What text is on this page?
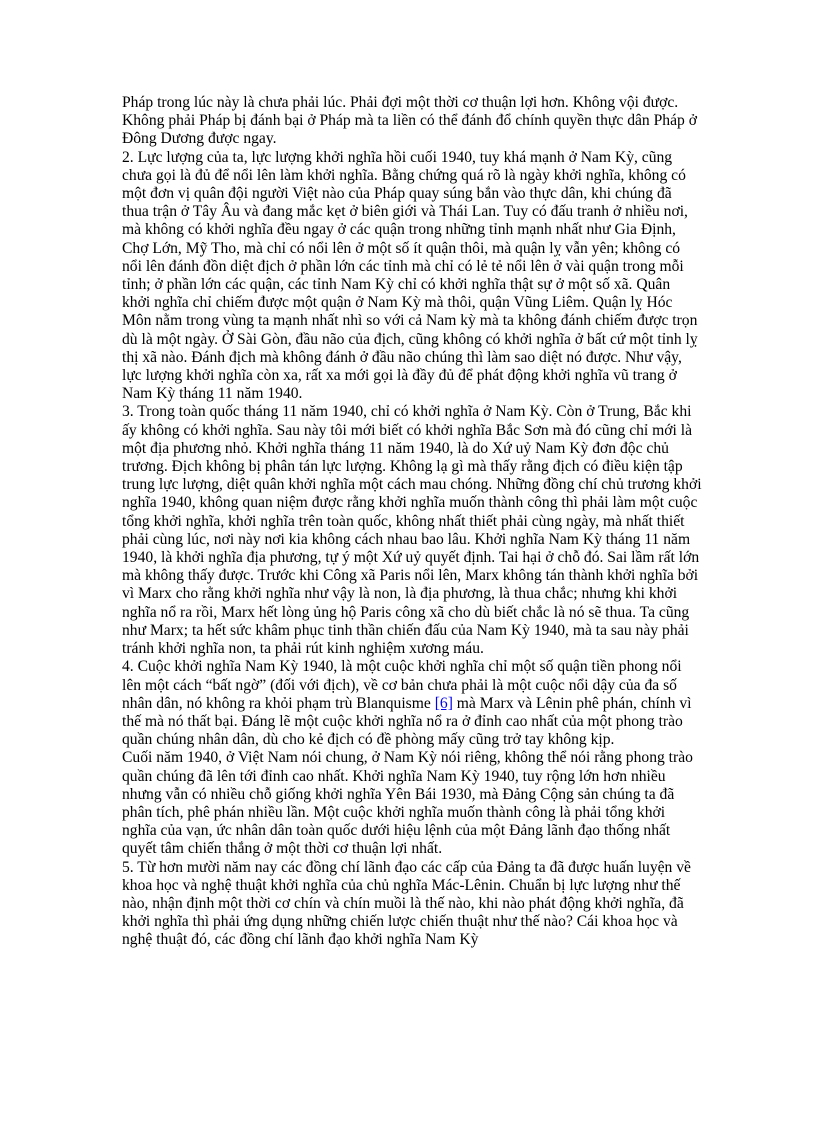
Pháp trong lúc này là chưa phải lúc. Phải đợi một thời cơ thuận lợi hơn. Không vội được. Không phải Pháp bị đánh bại ở Pháp mà ta liền có thể đánh đổ chính quyền thực dân Pháp ở Đông Dương được ngay.

2. Lực lượng của ta, lực lượng khởi nghĩa hồi cuối 1940, tuy khá mạnh ở Nam Kỳ, cũng chưa gọi là đủ để nổi lên làm khởi nghĩa. Bằng chứng quá rõ là ngày khởi nghĩa, không có một đơn vị quân đội người Việt nào của Pháp quay súng bắn vào thực dân, khi chúng đã thua trận ở Tây Âu và đang mắc kẹt ở biên giới và Thái Lan. Tuy có đấu tranh ở nhiều nơi, mà không có khởi nghĩa đều ngay ở các quận trong những tỉnh mạnh nhất như Gia Định, Chợ Lớn, Mỹ Tho, mà chỉ có nổi lên ở một số ít quận thôi, mà quận lỵ vẫn yên; không có nổi lên đánh đồn diệt địch ở phần lớn các tỉnh mà chỉ có lẻ tẻ nổi lên ở vài quận trong mỗi tỉnh; ở phần lớn các quận, các tỉnh Nam Kỳ chỉ có khởi nghĩa thật sự ở một số xã. Quân khởi nghĩa chỉ chiếm được một quận ở Nam Kỳ mà thôi, quận Vũng Liêm. Quận lỵ Hóc Môn nằm trong vùng ta mạnh nhất nhì so với cả Nam kỳ mà ta không đánh chiếm được trọn dù là một ngày. Ở Sài Gòn, đầu não của địch, cũng không có khởi nghĩa ở bất cứ một tỉnh lỵ thị xã nào. Đánh địch mà không đánh ở đầu não chúng thì làm sao diệt nó được. Như vậy, lực lượng khởi nghĩa còn xa, rất xa mới gọi là đầy đủ để phát động khởi nghĩa vũ trang ở Nam Kỳ tháng 11 năm 1940.

3. Trong toàn quốc tháng 11 năm 1940, chỉ có khởi nghĩa ở Nam Kỳ. Còn ở Trung, Bắc khi ấy không có khởi nghĩa. Sau này tôi mới biết có khởi nghĩa Bắc Sơn mà đó cũng chỉ mới là một địa phương nhỏ. Khởi nghĩa tháng 11 năm 1940, là do Xứ uỷ Nam Kỳ đơn độc chủ trương. Địch không bị phân tán lực lượng. Không lạ gì mà thấy rằng địch có điều kiện tập trung lực lượng, diệt quân khởi nghĩa một cách mau chóng. Những đồng chí chủ trương khởi nghĩa 1940, không quan niệm được rằng khởi nghĩa muốn thành công thì phải làm một cuộc tổng khởi nghĩa, khởi nghĩa trên toàn quốc, không nhất thiết phải cùng ngày, mà nhất thiết phải cùng lúc, nơi này nơi kia không cách nhau bao lâu. Khởi nghĩa Nam Kỳ tháng 11 năm 1940, là khởi nghĩa địa phương, tự ý một Xứ uỷ quyết định. Tai hại ở chỗ đó. Sai lầm rất lớn mà không thấy được. Trước khi Công xã Paris nổi lên, Marx không tán thành khởi nghĩa bởi vì Marx cho rằng khởi nghĩa như vậy là non, là địa phương, là thua chắc; nhưng khi khởi nghĩa nổ ra rồi, Marx hết lòng ủng hộ Paris công xã cho dù biết chắc là nó sẽ thua. Ta cũng như Marx; ta hết sức khâm phục tinh thần chiến đấu của Nam Kỳ 1940, mà ta sau này phải tránh khởi nghĩa non, ta phải rút kinh nghiệm xương máu.

4. Cuộc khởi nghĩa Nam Kỳ 1940, là một cuộc khởi nghĩa chỉ một số quận tiền phong nổi lên một cách “bất ngờ” (đối với địch), về cơ bản chưa phải là một cuộc nổi dậy của đa số nhân dân, nó không ra khỏi phạm trù Blanquisme [6] mà Marx và Lênin phê phán, chính vì thế mà nó thất bại. Đáng lẽ một cuộc khởi nghĩa nổ ra ở đỉnh cao nhất của một phong trào quần chúng nhân dân, dù cho kẻ địch có đề phòng mấy cũng trở tay không kịp.

Cuối năm 1940, ở Việt Nam nói chung, ở Nam Kỳ nói riêng, không thể nói rằng phong trào quần chúng đã lên tới đỉnh cao nhất. Khởi nghĩa Nam Kỳ 1940, tuy rộng lớn hơn nhiều nhưng vẫn có nhiều chỗ giống khởi nghĩa Yên Bái 1930, mà Đảng Cộng sản chúng ta đã phân tích, phê phán nhiều lần. Một cuộc khởi nghĩa muốn thành công là phải tổng khởi nghĩa của vạn, ức nhân dân toàn quốc dưới hiệu lệnh của một Đảng lãnh đạo thống nhất quyết tâm chiến thắng ở một thời cơ thuận lợi nhất.

5. Từ hơn mười năm nay các đồng chí lãnh đạo các cấp của Đảng ta đã được huấn luyện về khoa học và nghệ thuật khởi nghĩa của chủ nghĩa Mác-Lênin. Chuẩn bị lực lượng như thế nào, nhận định một thời cơ chín và chín muồi là thế nào, khi nào phát động khởi nghĩa, đã khởi nghĩa thì phải ứng dụng những chiến lược chiến thuật như thế nào? Cái khoa học và nghệ thuật đó, các đồng chí lãnh đạo khởi nghĩa Nam Kỳ
